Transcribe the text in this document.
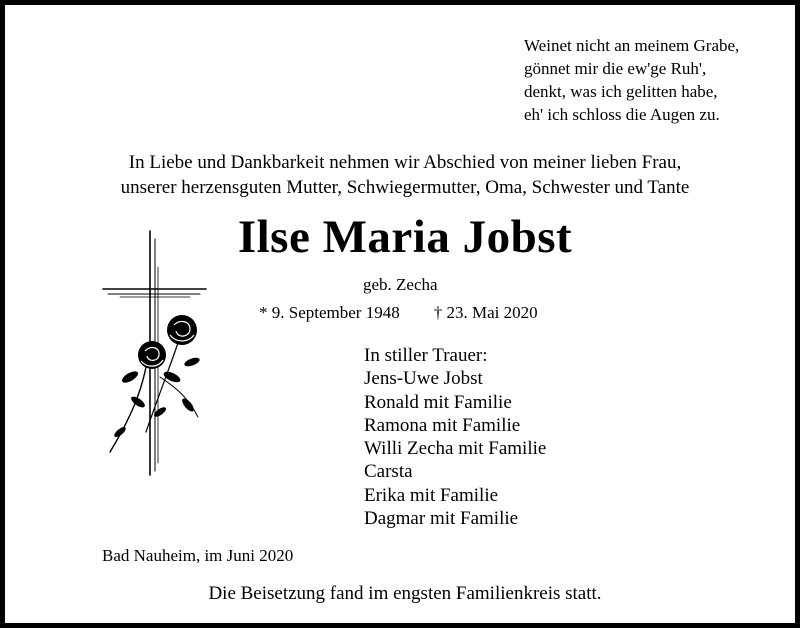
Weinet nicht an meinem Grabe,
gönnet mir die ew'ge Ruh',
denkt, was ich gelitten habe,
eh' ich schloss die Augen zu.
In Liebe und Dankbarkeit nehmen wir Abschied von meiner lieben Frau,
unserer herzensguten Mutter, Schwiegermutter, Oma, Schwester und Tante
Ilse Maria Jobst
geb. Zecha
* 9. September 1948 † 23. Mai 2020
In stiller Trauer:
Jens-Uwe Jobst
Ronald mit Familie
Ramona mit Familie
Willi Zecha mit Familie
Carsta
Erika mit Familie
Dagmar mit Familie
Bad Nauheim, im Juni 2020
Die Beisetzung fand im engsten Familienkreis statt.
